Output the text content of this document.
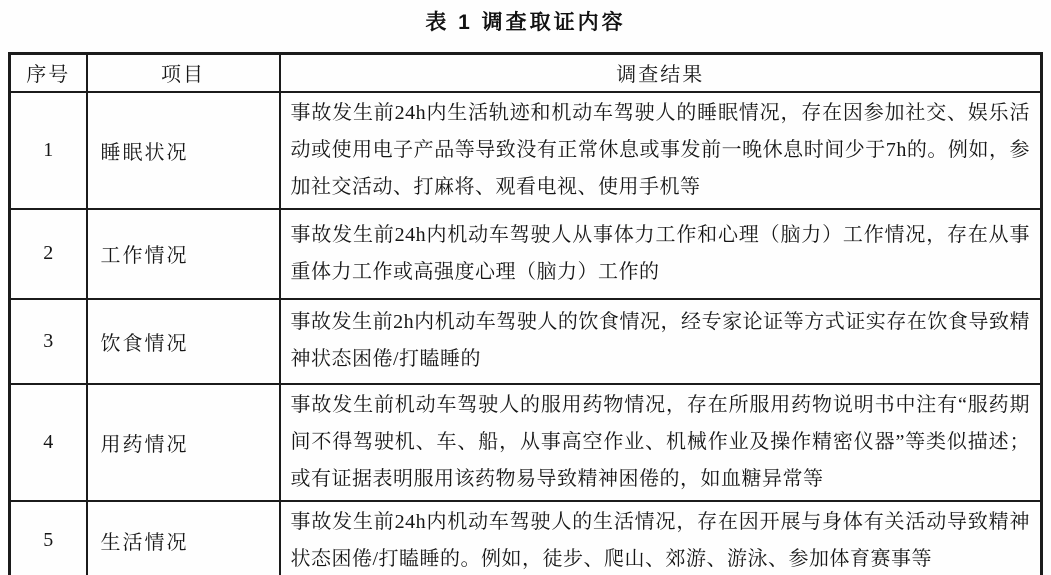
表 1 调查取证内容
序号	项目	调查结果
1	睡眠状况	事故发生前24h内生活轨迹和机动车驾驶人的睡眠情况，存在因参加社交、娱乐活动或使用电子产品等导致没有正常休息或事发前一晚休息时间少于7h的。例如，参加社交活动、打麻将、观看电视、使用手机等
2	工作情况	事故发生前24h内机动车驾驶人从事体力工作和心理（脑力）工作情况，存在从事重体力工作或高强度心理（脑力）工作的
3	饮食情况	事故发生前2h内机动车驾驶人的饮食情况，经专家论证等方式证实存在饮食导致精神状态困倦/打瞌睡的
4	用药情况	事故发生前机动车驾驶人的服用药物情况，存在所服用药物说明书中注有“服药期间不得驾驶机、车、船，从事高空作业、机械作业及操作精密仪器”等类似描述；或有证据表明服用该药物易导致精神困倦的，如血糖异常等
5	生活情况	事故发生前24h内机动车驾驶人的生活情况，存在因开展与身体有关活动导致精神状态困倦/打瞌睡的。例如，徒步、爬山、郊游、游泳、参加体育赛事等
